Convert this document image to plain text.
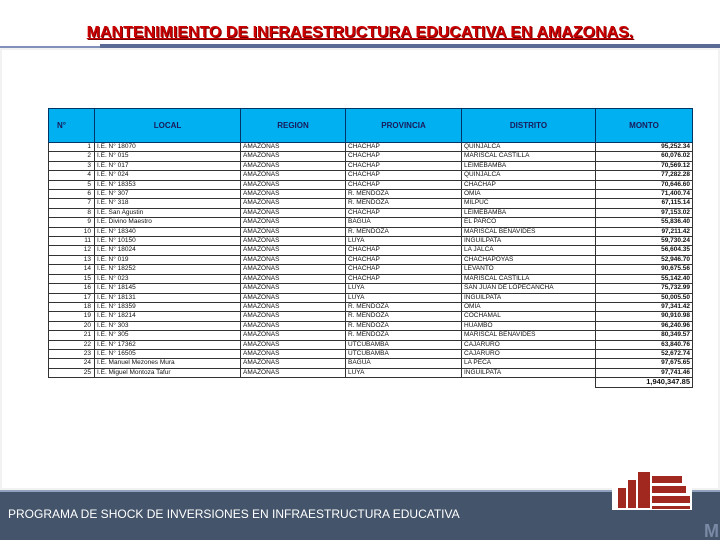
MANTENIMIENTO DE INFRAESTRUCTURA EDUCATIVA EN AMAZONAS.
N°	LOCAL	REGION	PROVINCIA	DISTRITO	MONTO
1	I.E. N° 18070	AMAZONAS	CHACHAP	QUINJALCA	95,252.34
2	I.E. N° 015	AMAZONAS	CHACHAP	MARISCAL CASTILLA	60,076.02
3	I.E. N° 017	AMAZONAS	CHACHAP	LEIMEBAMBA	70,569.12
4	I.E. N° 024	AMAZONAS	CHACHAP	QUINJALCA	77,282.28
5	I.E. N° 18353	AMAZONAS	CHACHAP	CHACHAP	70,646.60
6	I.E. N° 307	AMAZONAS	R. MENDOZA	OMIA	71,400.74
7	I.E. N° 318	AMAZONAS	R. MENDOZA	MILPUC	67,115.14
8	I.E. San Agustin	AMAZONAS	CHACHAP	LEIMEBAMBA	97,153.02
9	I.E. Divino Maestro	AMAZONAS	BAGUA	EL PARCO	55,836.40
10	I.E. N° 18340	AMAZONAS	R. MENDOZA	MARISCAL BENAVIDES	97,211.42
11	I.E. N° 10150	AMAZONAS	LUYA	INGUILPATA	59,730.24
12	I.E. N° 18024	AMAZONAS	CHACHAP	LA JALCA	56,604.35
13	I.E. N° 019	AMAZONAS	CHACHAP	CHACHAPOYAS	52,946.70
14	I.E. N° 18252	AMAZONAS	CHACHAP	LEVANTO	90,675.56
15	I.E. N° 023	AMAZONAS	CHACHAP	MARISCAL CASTILLA	55,142.40
16	I.E. N° 18145	AMAZONAS	LUYA	SAN JUAN DE LOPECANCHA	75,732.99
17	I.E. N° 18131	AMAZONAS	LUYA	INGUILPATA	50,005.50
18	I.E. N° 18359	AMAZONAS	R. MENDOZA	OMIA	97,341.42
19	I.E. N° 18214	AMAZONAS	R. MENDOZA	COCHAMAL	90,910.98
20	I.E. N° 303	AMAZONAS	R. MENDOZA	HUAMBO	96,240.96
21	I.E. N° 305	AMAZONAS	R. MENDOZA	MARISCAL BENAVIDES	80,349.57
22	I.E. N° 17362	AMAZONAS	UTCUBAMBA	CAJARURO	63,840.76
23	I.E. N° 16505	AMAZONAS	UTCUBAMBA	CAJARURO	52,672.74
24	I.E. Manuel Mezones Mura	AMAZONAS	BAGUA	LA PECA	97,675.65
25	I.E. Miguel Montoza Tafur	AMAZONAS	LUYA	INGUILPATA	97,741.46
					1,940,347.85
PROGRAMA DE SHOCK DE INVERSIONES EN INFRAESTRUCTURA EDUCATIVA
M
